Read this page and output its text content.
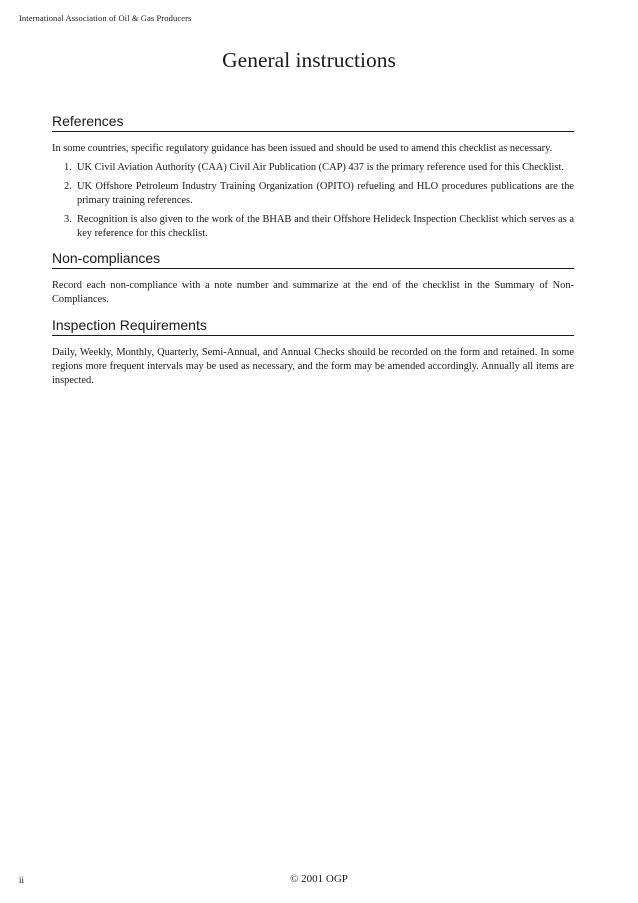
International Association of Oil & Gas Producers
General instructions
References

In some countries, specific regulatory guidance has been issued and should be used to amend this checklist as necessary.

1. UK Civil Aviation Authority (CAA) Civil Air Publication (CAP) 437 is the primary reference used for this Checklist.
2. UK Offshore Petroleum Industry Training Organization (OPITO) refueling and HLO procedures publications are the primary training references.
3. Recognition is also given to the work of the BHAB and their Offshore Helideck Inspection Checklist which serves as a key reference for this checklist.
Non-compliances

Record each non-compliance with a note number and summarize at the end of the checklist in the Summary of Non-Compliances.

Inspection Requirements

Daily, Weekly, Monthly, Quarterly, Semi-Annual, and Annual Checks should be recorded on the form and retained. In some regions more frequent intervals may be used as necessary, and the form may be amended accordingly. Annually all items are inspected.

ii	© 2001 OGP
